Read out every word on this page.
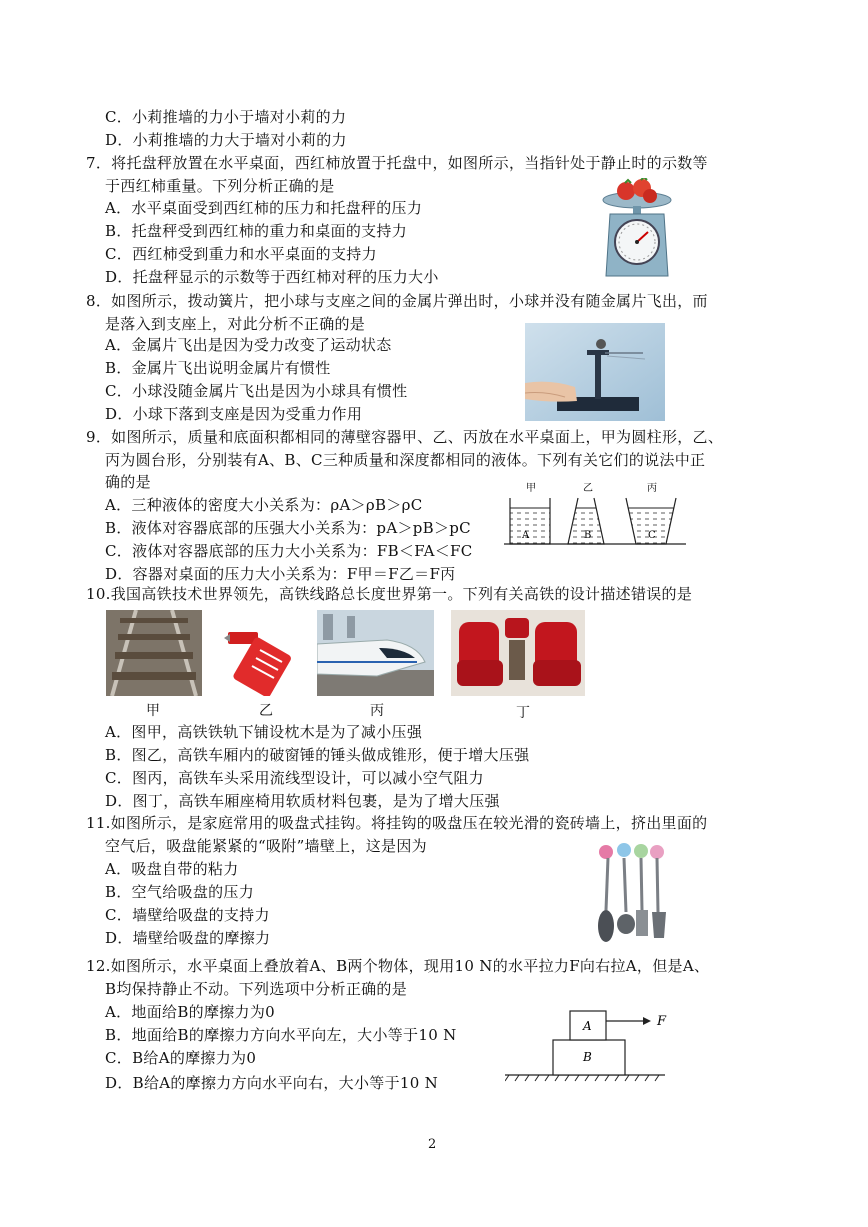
C．小莉推墙的力小于墙对小莉的力
D．小莉推墙的力大于墙对小莉的力
7．将托盘秤放置在水平桌面，西红柿放置于托盘中，如图所示，当指针处于静止时的示数等
于西红柿重量。下列分析正确的是
A．水平桌面受到西红柿的压力和托盘秤的压力
B．托盘秤受到西红柿的重力和桌面的支持力
C．西红柿受到重力和水平桌面的支持力
D．托盘秤显示的示数等于西红柿对秤的压力大小
8．如图所示，拨动簧片，把小球与支座之间的金属片弹出时，小球并没有随金属片飞出，而
是落入到支座上，对此分析不正确的是
A．金属片飞出是因为受力改变了运动状态
B．金属片飞出说明金属片有惯性
C．小球没随金属片飞出是因为小球具有惯性
D．小球下落到支座是因为受重力作用
9．如图所示，质量和底面积都相同的薄壁容器甲、乙、丙放在水平桌面上，甲为圆柱形，乙、
丙为圆台形，分别装有A、B、C三种质量和深度都相同的液体。下列有关它们的说法中正
确的是
A．三种液体的密度大小关系为：ρA＞ρB＞ρC
B．液体对容器底部的压强大小关系为：pA＞pB＞pC
C．液体对容器底部的压力大小关系为：FB＜FA＜FC
D．容器对桌面的压力大小关系为：F甲＝F乙＝F丙
甲	乙	丙
A	B	C
10.我国高铁技术世界领先，高铁线路总长度世界第一。下列有关高铁的设计描述错误的是
甲	乙	丙	丁
A．图甲，高铁铁轨下铺设枕木是为了减小压强
B．图乙，高铁车厢内的破窗锤的锤头做成锥形，便于增大压强
C．图丙，高铁车头采用流线型设计，可以减小空气阻力
D．图丁，高铁车厢座椅用软质材料包裹，是为了增大压强
11.如图所示，是家庭常用的吸盘式挂钩。将挂钩的吸盘压在较光滑的瓷砖墙上，挤出里面的
空气后，吸盘能紧紧的“吸附”墙壁上，这是因为
A．吸盘自带的粘力
B．空气给吸盘的压力
C．墙壁给吸盘的支持力
D．墙壁给吸盘的摩擦力
12.如图所示，水平桌面上叠放着A、B两个物体，现用10 N的水平拉力F向右拉A，但是A、
B均保持静止不动。下列选项中分析正确的是
A．地面给B的摩擦力为0
B．地面给B的摩擦力方向水平向左，大小等于10 N
C．B给A的摩擦力为0
D．B给A的摩擦力方向水平向右，大小等于10 N
A
B
F
2
